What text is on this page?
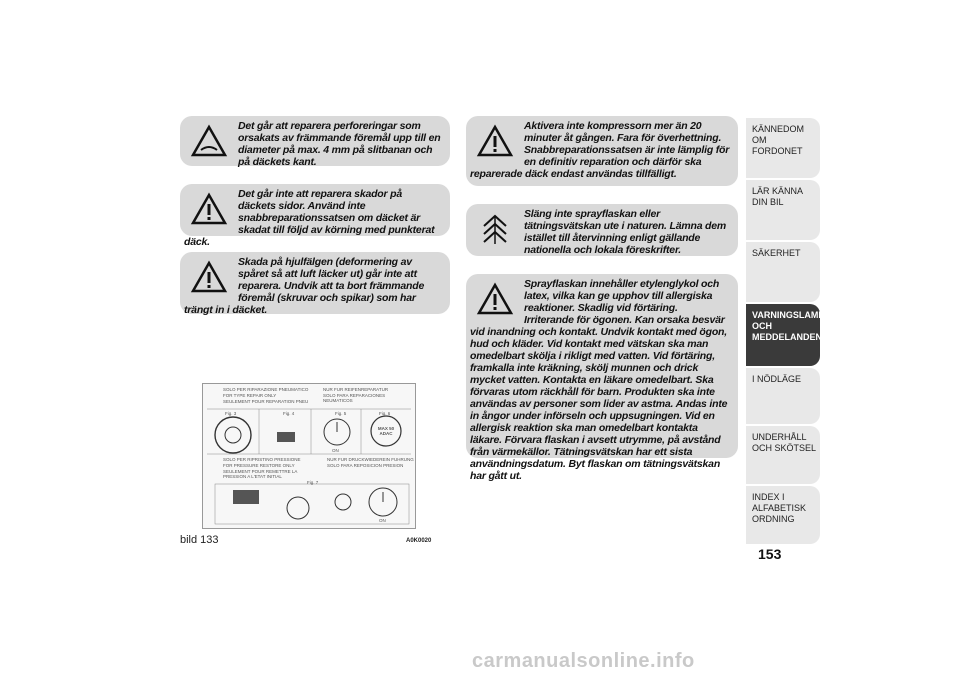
Det går att reparera perforeringar som orsakats av främmande föremål upp till en diameter på max. 4 mm på slitbanan och på däckets kant.
Det går inte att reparera skador på däckets sidor. Använd inte snabbreparationssatsen om däcket är skadat till följd av körning med punkterat däck.
Skada på hjulfälgen (deformering av spåret så att luft läcker ut) går inte att reparera. Undvik att ta bort främmande föremål (skruvar och spikar) som har trängt in i däcket.
SOLO PER RIPARAZIONE PNEUMATICO
FOR TYPE REPAIR ONLY
SEULEMENT POUR REPARATION PNEU
NUR FUR REIFENREPARATUR
SOLO PARA REPARACIONES NEUMATICOS
SOLO PER RIPRISTINO PRESSIONE
FOR PRESSURE RESTORE ONLY
SEULEMENT POUR REMETTRE LA PRESSION A L'ETAT INITIAL
NUR FUR DRUCKWIEDEREIN FUHRUNG
SOLO PARA REPOSICION PRESION
Fig. 3	Fig. 4	Fig. 5	Fig. 6
Fig. 7
ON
ON
MAX 50 ADAC
bild 133	A0K0020
Aktivera inte kompressorn mer än 20 minuter åt gången. Fara för överhettning. Snabbreparationssatsen är inte lämplig för en definitiv reparation och därför ska reparerade däck endast användas tillfälligt.
Släng inte sprayflaskan eller tätningsvätskan ute i naturen. Lämna dem istället till återvinning enligt gällande nationella och lokala föreskrifter.
Sprayflaskan innehåller etylenglykol och latex, vilka kan ge upphov till allergiska reaktioner. Skadlig vid förtäring. Irriterande för ögonen. Kan orsaka besvär vid inandning och kontakt. Undvik kontakt med ögon, hud och kläder. Vid kontakt med vätskan ska man omedelbart skölja i rikligt med vatten. Vid förtäring, framkalla inte kräkning, skölj munnen och drick mycket vatten. Kontakta en läkare omedelbart. Ska förvaras utom räckhåll för barn. Produkten ska inte användas av personer som lider av astma. Andas inte in ångor under införseln och uppsugningen. Vid en allergisk reaktion ska man omedelbart kontakta läkare. Förvara flaskan i avsett utrymme, på avstånd från värmekällor. Tätningsvätskan har ett sista användningsdatum. Byt flaskan om tätningsvätskan har gått ut.
KÄNNEDOM OM FORDONET
LÄR KÄNNA DIN BIL
SÄKERHET
VARNINGSLAMPOR OCH MEDDELANDEN
I NÖDLÄGE
UNDERHÅLL OCH SKÖTSEL
INDEX I ALFABETISK ORDNING
153
carmanualsonline.info
